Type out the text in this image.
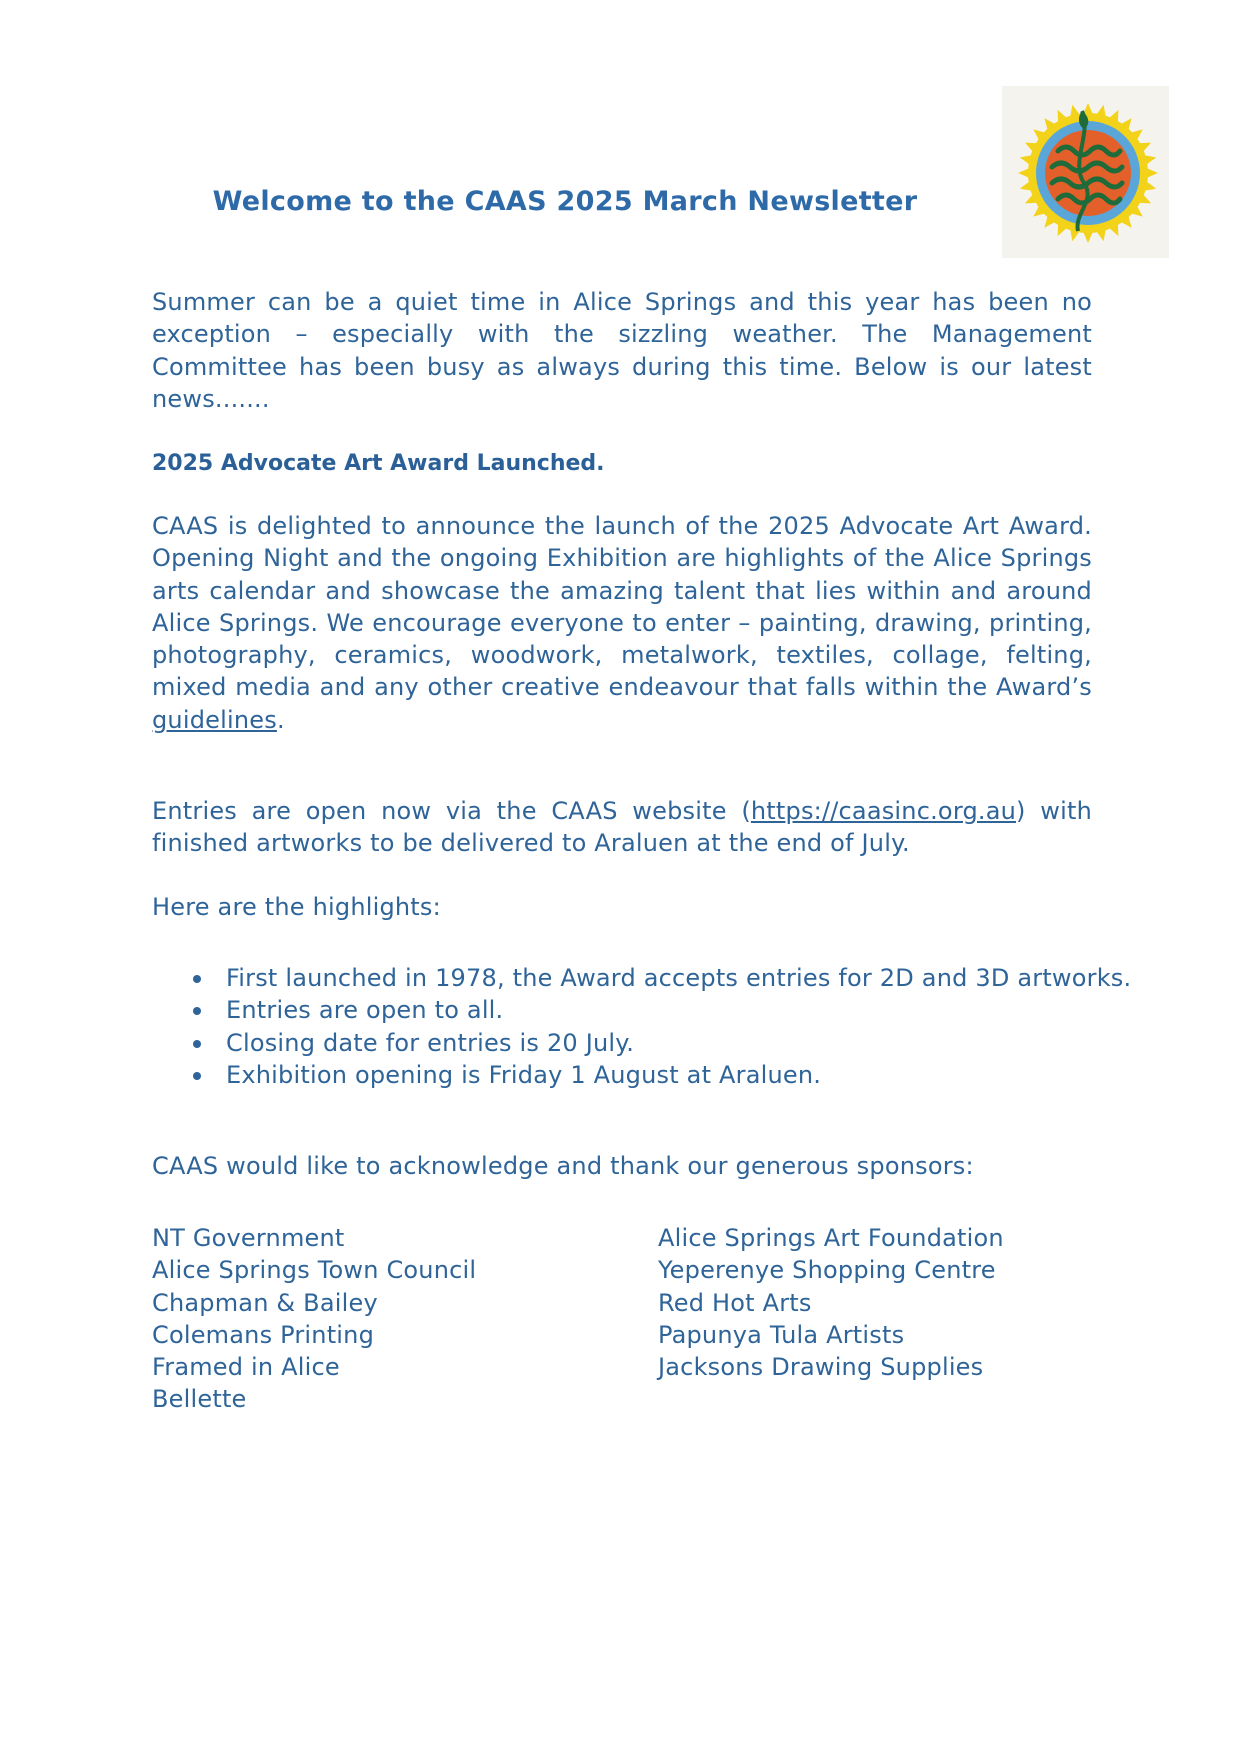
Welcome to the CAAS 2025 March Newsletter
Summer can be a quiet time in Alice Springs and this year has been no exception – especially with the sizzling weather. The Management Committee has been busy as always during this time. Below is our latest news.......
2025 Advocate Art Award Launched.
CAAS is delighted to announce the launch of the 2025 Advocate Art Award. Opening Night and the ongoing Exhibition are highlights of the Alice Springs arts calendar and showcase the amazing talent that lies within and around Alice Springs. We encourage everyone to enter – painting, drawing, printing, photography, ceramics, woodwork, metalwork, textiles, collage, felting, mixed media and any other creative endeavour that falls within the Award’s guidelines.
Entries are open now via the CAAS website (https://caasinc.org.au) with finished artworks to be delivered to Araluen at the end of July.
Here are the highlights:
First launched in 1978, the Award accepts entries for 2D and 3D artworks.
Entries are open to all.
Closing date for entries is 20 July.
Exhibition opening is Friday 1 August at Araluen.
CAAS would like to acknowledge and thank our generous sponsors:
NT Government
Alice Springs Town Council
Chapman & Bailey
Colemans Printing
Framed in Alice
Bellette
Alice Springs Art Foundation
Yeperenye Shopping Centre
Red Hot Arts
Papunya Tula Artists
Jacksons Drawing Supplies
